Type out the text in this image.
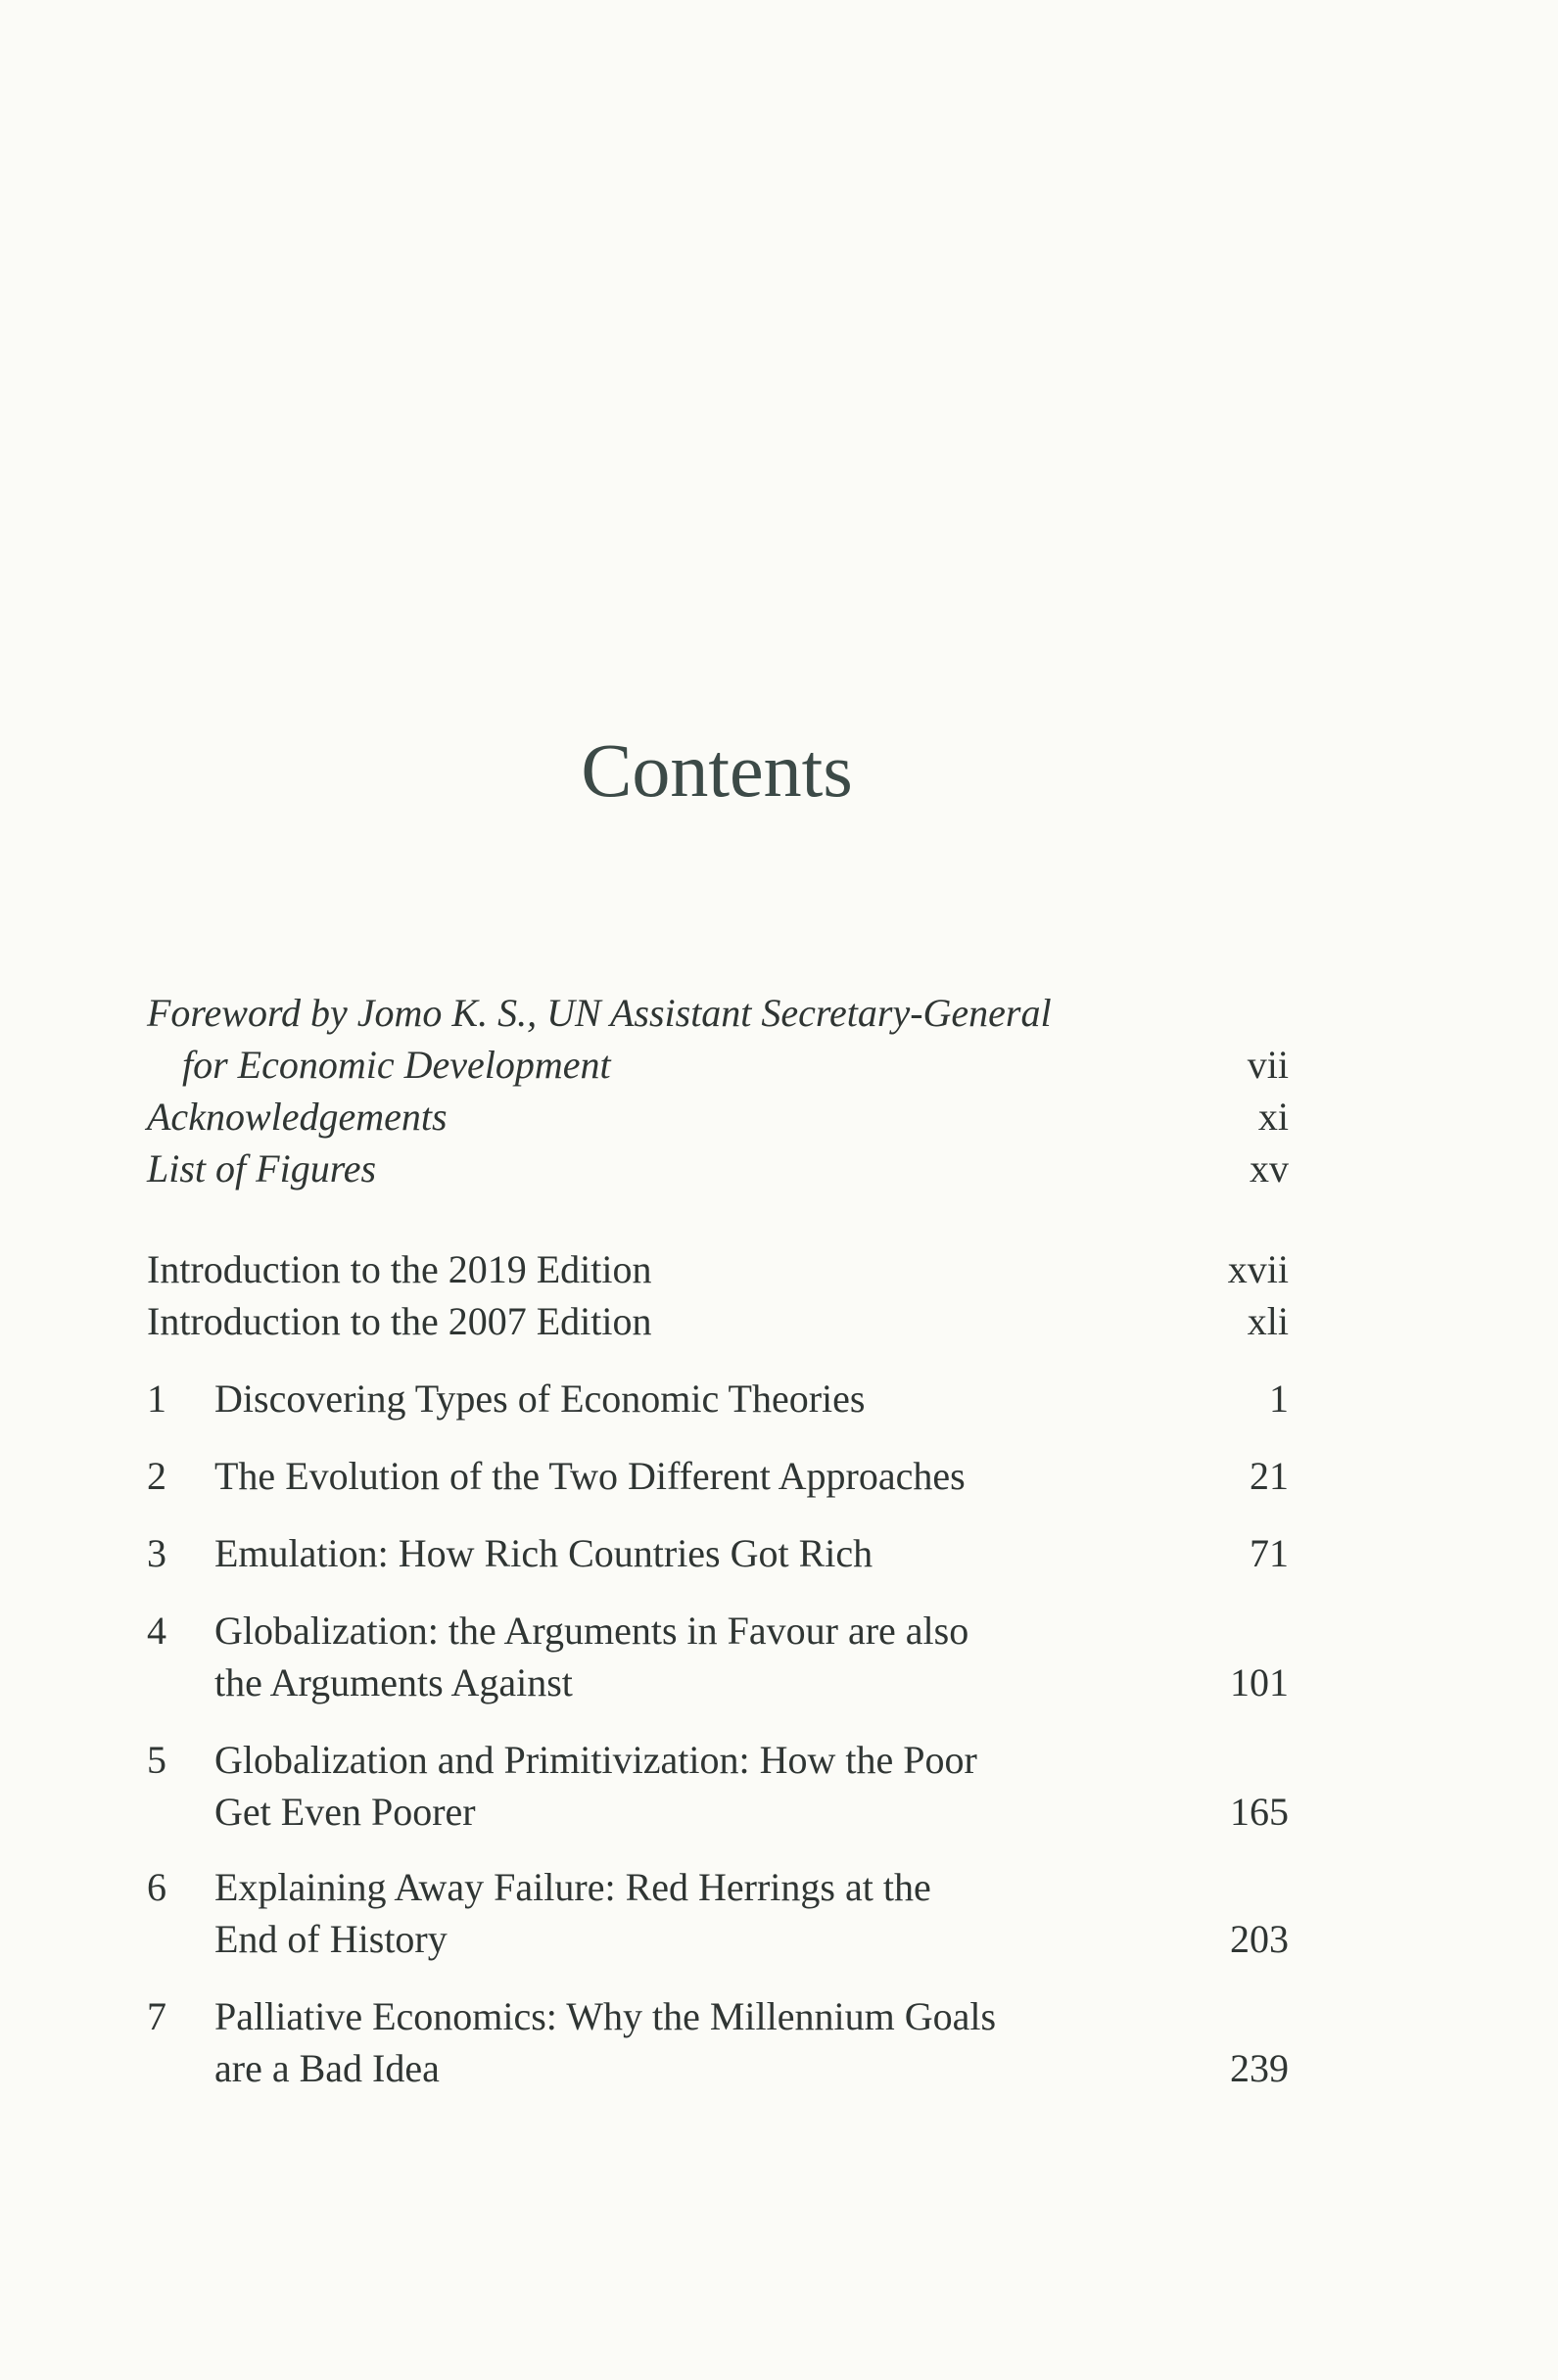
Contents
Foreword by Jomo K. S., UN Assistant Secretary-General
for Economic Development	vii
Acknowledgements	xi
List of Figures	xv
Introduction to the 2019 Edition	xvii
Introduction to the 2007 Edition	xli
1 Discovering Types of Economic Theories	1
2 The Evolution of the Two Different Approaches	21
3 Emulation: How Rich Countries Got Rich	71
4 Globalization: the Arguments in Favour are also
the Arguments Against	101
5 Globalization and Primitivization: How the Poor
Get Even Poorer	165
6 Explaining Away Failure: Red Herrings at the
End of History	203
7 Palliative Economics: Why the Millennium Goals
are a Bad Idea	239
